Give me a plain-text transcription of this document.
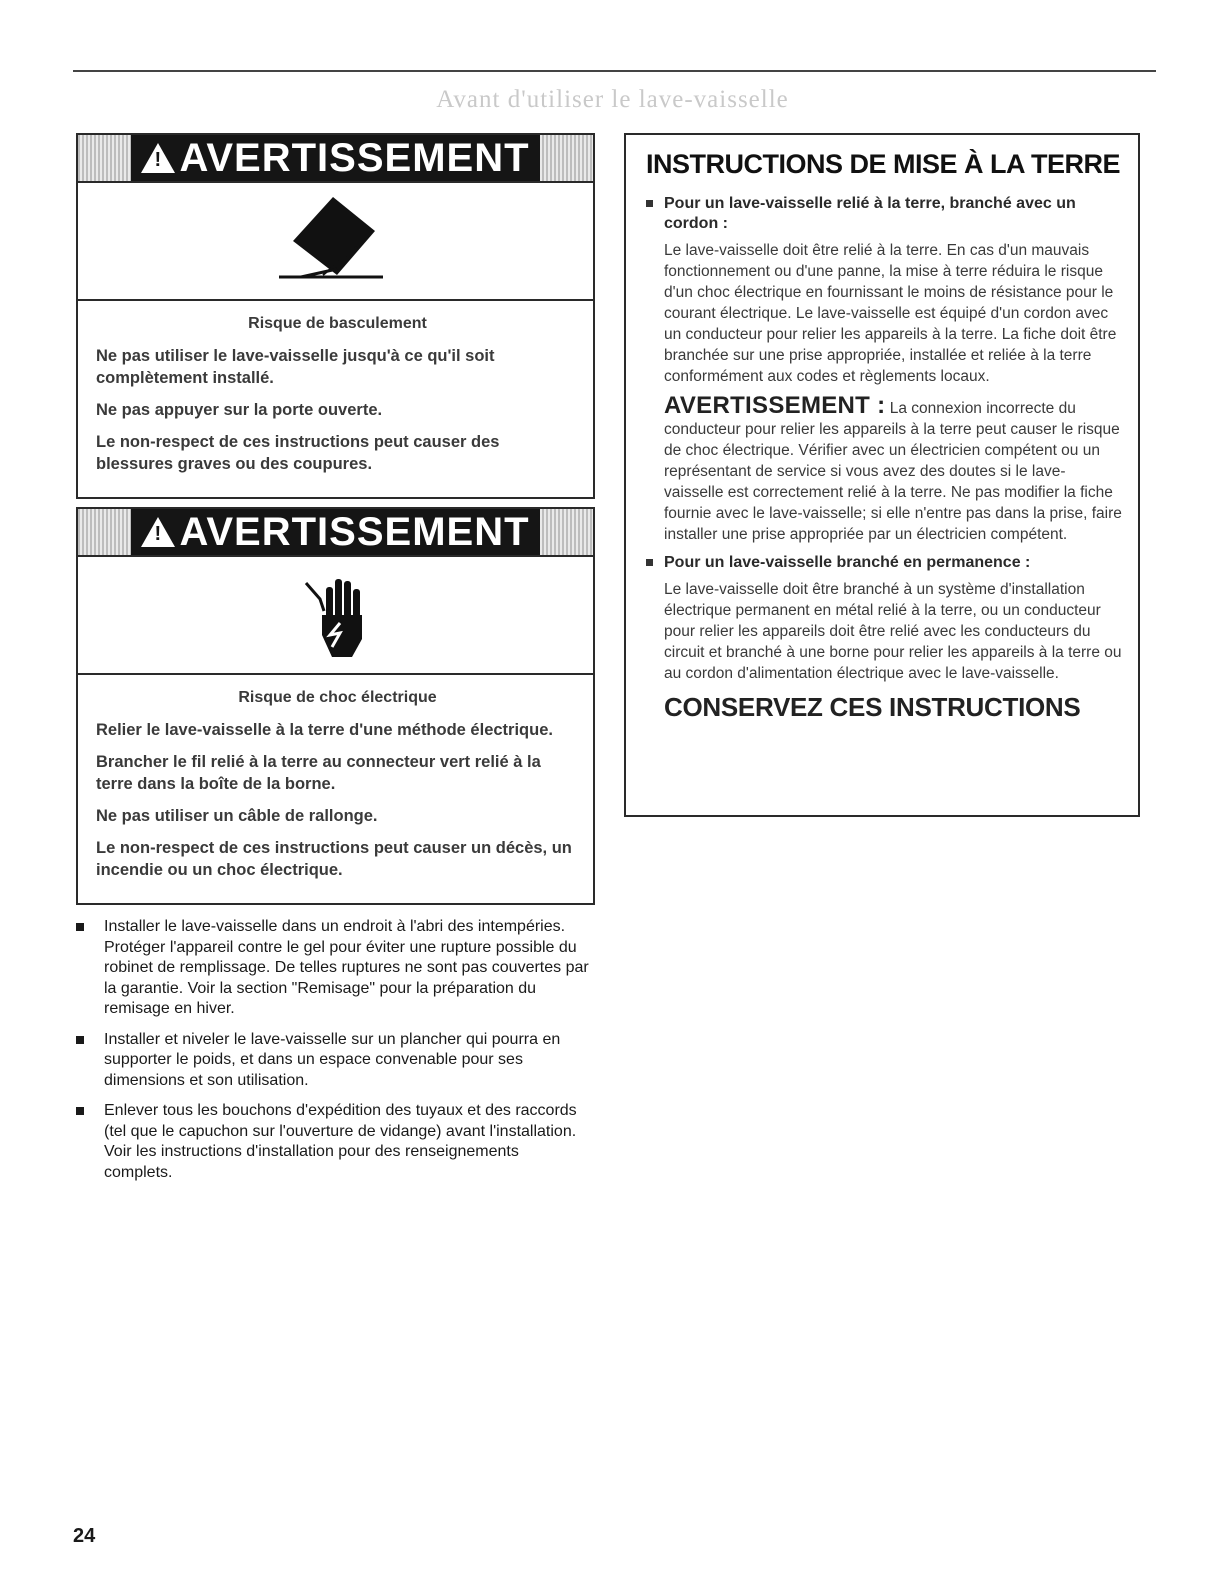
Avant d'utiliser le lave-vaisselle
!
AVERTISSEMENT
Risque de basculement

Ne pas utiliser le lave-vaisselle jusqu'à ce qu'il soit complètement installé.

Ne pas appuyer sur la porte ouverte.

Le non-respect de ces instructions peut causer des blessures graves ou des coupures.

!
AVERTISSEMENT
Risque de choc électrique

Relier le lave-vaisselle à la terre d'une méthode électrique.

Brancher le fil relié à la terre au connecteur vert relié à la terre dans la boîte de la borne.

Ne pas utiliser un câble de rallonge.

Le non-respect de ces instructions peut causer un décès, un incendie ou un choc électrique.

Installer le lave-vaisselle dans un endroit à l'abri des intempéries. Protéger l'appareil contre le gel pour éviter une rupture possible du robinet de remplissage. De telles ruptures ne sont pas couvertes par la garantie. Voir la section "Remisage" pour la préparation du remisage en hiver.
Installer et niveler le lave-vaisselle sur un plancher qui pourra en supporter le poids, et dans un espace convenable pour ses dimensions et son utilisation.
Enlever tous les bouchons d'expédition des tuyaux et des raccords (tel que le capuchon sur l'ouverture de vidange) avant l'installation. Voir les instructions d'installation pour des renseignements complets.
INSTRUCTIONS DE MISE À LA TERRE
Pour un lave-vaisselle relié à la terre, branché avec un cordon :
Le lave-vaisselle doit être relié à la terre. En cas d'un mauvais fonctionnement ou d'une panne, la mise à terre réduira le risque d'un choc électrique en fournissant le moins de résistance pour le courant électrique. Le lave-vaisselle est équipé d'un cordon avec un conducteur pour relier les appareils à la terre. La fiche doit être branchée sur une prise appropriée, installée et reliée à la terre conformément aux codes et règlements locaux.
AVERTISSEMENT : La connexion incorrecte du conducteur pour relier les appareils à la terre peut causer le risque de choc électrique. Vérifier avec un électricien compétent ou un représentant de service si vous avez des doutes si le lave-vaisselle est correctement relié à la terre. Ne pas modifier la fiche fournie avec le lave-vaisselle; si elle n'entre pas dans la prise, faire installer une prise appropriée par un électricien compétent.
Pour un lave-vaisselle branché en permanence :
Le lave-vaisselle doit être branché à un système d'installation électrique permanent en métal relié à la terre, ou un conducteur pour relier les appareils doit être relié avec les conducteurs du circuit et branché à une borne pour relier les appareils à la terre ou au cordon d'alimentation électrique avec le lave-vaisselle.
CONSERVEZ CES INSTRUCTIONS
24
